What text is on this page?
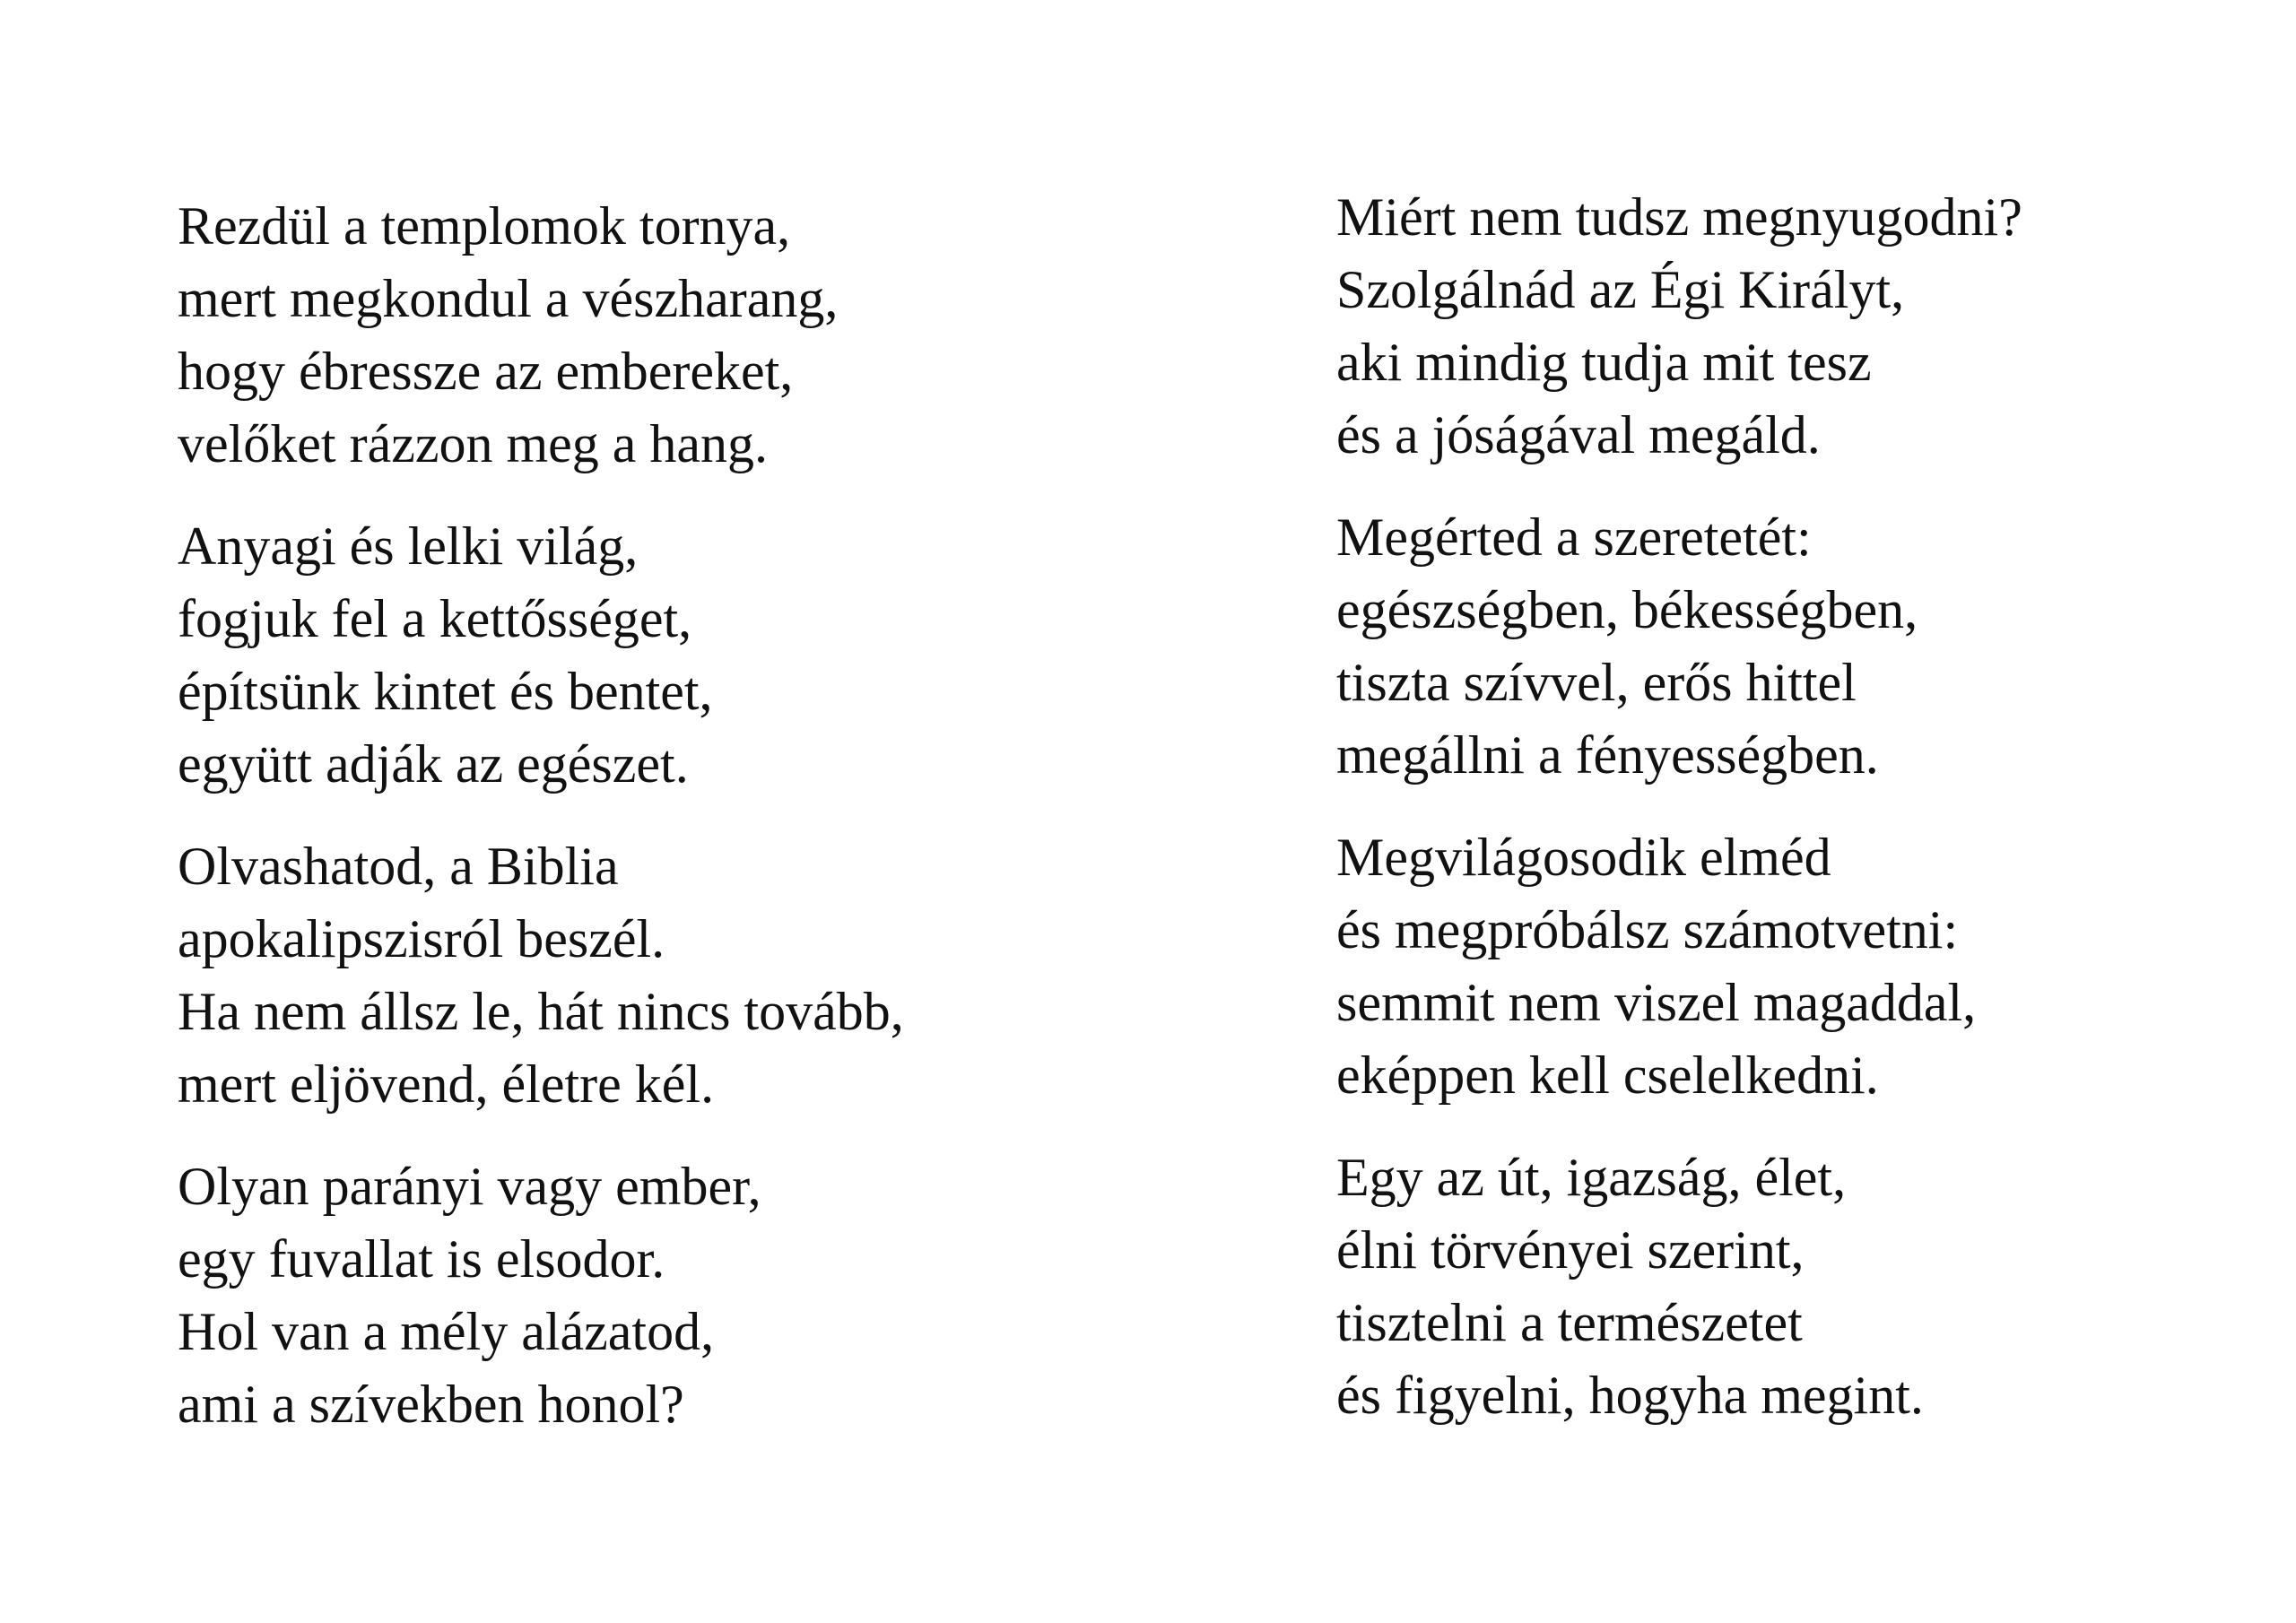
Rezdül a templomok tornya,
mert megkondul a vészharang,
hogy ébressze az embereket,
velőket rázzon meg a hang.
Anyagi és lelki világ,
fogjuk fel a kettősséget,
építsünk kintet és bentet,
együtt adják az egészet.
Olvashatod, a Biblia
apokalipszisról beszél.
Ha nem állsz le, hát nincs tovább,
mert eljövend, életre kél.
Olyan parányi vagy ember,
egy fuvallat is elsodor.
Hol van a mély alázatod,
ami a szívekben honol?
Miért nem tudsz megnyugodni?
Szolgálnád az Égi Királyt,
aki mindig tudja mit tesz
és a jóságával megáld.
Megérted a szeretetét:
egészségben, békességben,
tiszta szívvel, erős hittel
megállni a fényességben.
Megvilágosodik elméd
és megpróbálsz számotvetni:
semmit nem viszel magaddal,
eképpen kell cselelkedni.
Egy az út, igazság, élet,
élni törvényei szerint,
tisztelni a természetet
és figyelni, hogyha megint.
